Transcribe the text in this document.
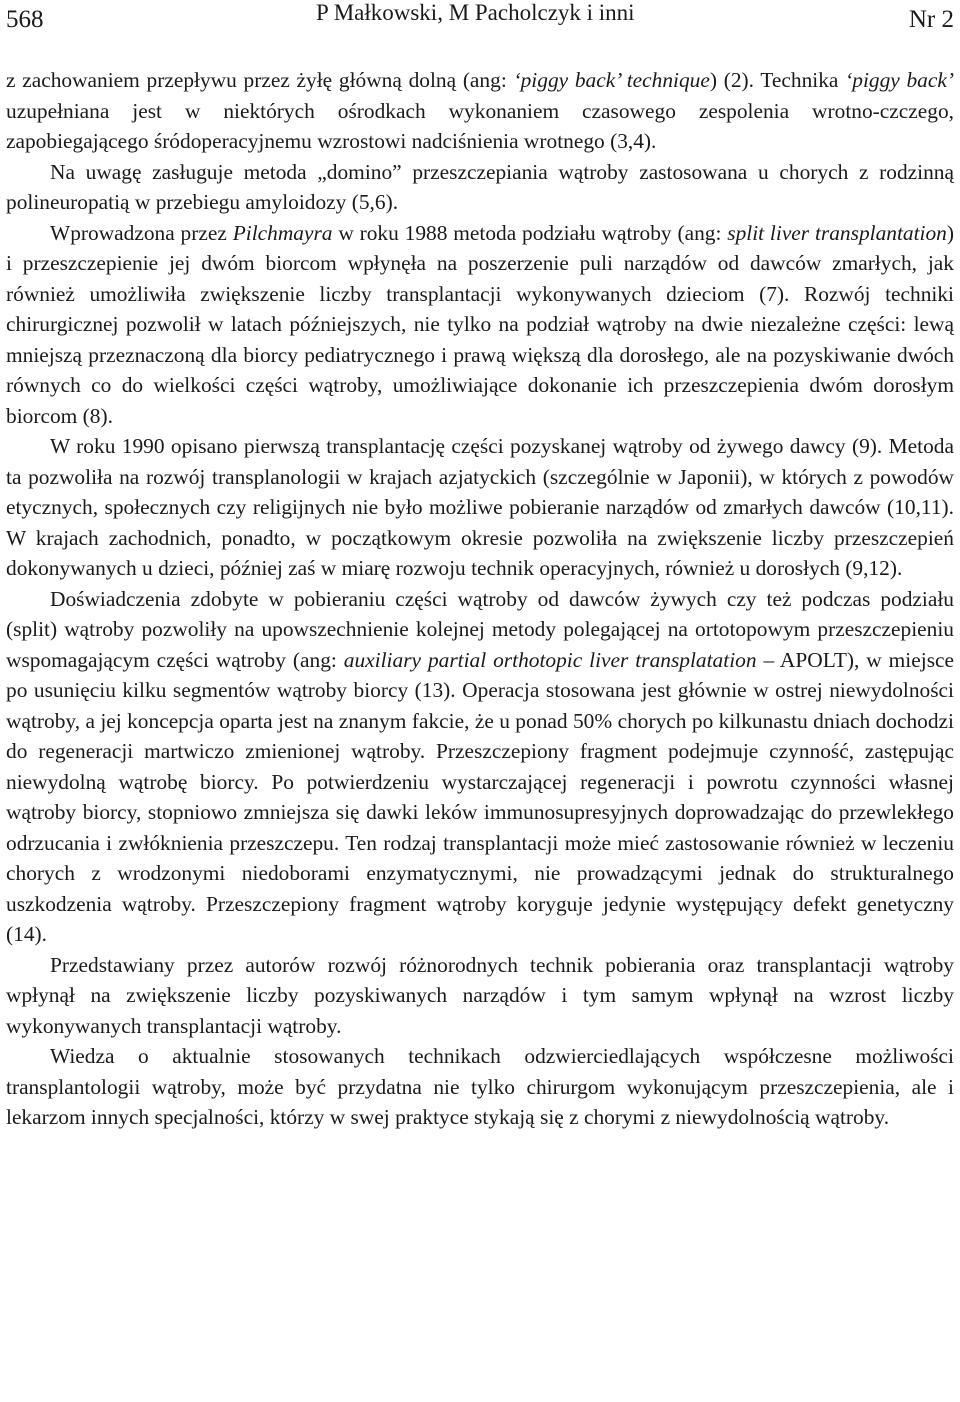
568	P Małkowski, M Pacholczyk i inni	Nr 2

z zachowaniem przepływu przez żyłę główną dolną (ang: ‘piggy back’ technique) (2). Technika ‘piggy back’ uzupełniana jest w niektórych ośrodkach wykonaniem czasowego zespolenia wrotno-czczego, zapobiegającego śródoperacyjnemu wzrostowi nadciśnienia wrotnego (3,4).

Na uwagę zasługuje metoda „domino” przeszczepiania wątroby zastosowana u chorych z rodzinną polineuropatią w przebiegu amyloidozy (5,6).

Wprowadzona przez Pilchmayra w roku 1988 metoda podziału wątroby (ang: split liver transplantation) i przeszczepienie jej dwóm biorcom wpłynęła na poszerzenie puli narządów od dawców zmarłych, jak również umożliwiła zwiększenie liczby transplantacji wykonywanych dzieciom (7). Rozwój techniki chirurgicznej pozwolił w latach późniejszych, nie tylko na podział wątroby na dwie niezależne części: lewą mniejszą przeznaczoną dla biorcy pediatrycznego i prawą większą dla dorosłego, ale na pozyskiwanie dwóch równych co do wielkości części wątroby, umożliwiające dokonanie ich przeszczepienia dwóm dorosłym biorcom (8).

W roku 1990 opisano pierwszą transplantację części pozyskanej wątroby od żywego dawcy (9). Metoda ta pozwoliła na rozwój transplanologii w krajach azjatyckich (szczególnie w Japonii), w których z powodów etycznych, społecznych czy religijnych nie było możliwe pobieranie narządów od zmarłych dawców (10,11). W krajach zachodnich, ponadto, w początkowym okresie pozwoliła na zwiększenie liczby przeszczepień dokonywanych u dzieci, później zaś w miarę rozwoju technik operacyjnych, również u dorosłych (9,12).

Doświadczenia zdobyte w pobieraniu części wątroby od dawców żywych czy też podczas podziału (split) wątroby pozwoliły na upowszechnienie kolejnej metody polegającej na ortotopowym przeszczepieniu wspomagającym części wątroby (ang: auxiliary partial orthotopic liver transplatation – APOLT), w miejsce po usunięciu kilku segmentów wątroby biorcy (13). Operacja stosowana jest głównie w ostrej niewydolności wątroby, a jej koncepcja oparta jest na znanym fakcie, że u ponad 50% chorych po kilkunastu dniach dochodzi do regeneracji martwiczo zmienionej wątroby. Przeszczepiony fragment podejmuje czynność, zastępując niewydolną wątrobę biorcy. Po potwierdzeniu wystarczającej regeneracji i powrotu czynności własnej wątroby biorcy, stopniowo zmniejsza się dawki leków immunosupresyjnych doprowadzając do przewlekłego odrzucania i zwłóknienia przeszczepu. Ten rodzaj transplantacji może mieć zastosowanie również w leczeniu chorych z wrodzonymi niedoborami enzymatycznymi, nie prowadzącymi jednak do strukturalnego uszkodzenia wątroby. Przeszczepiony fragment wątroby koryguje jedynie występujący defekt genetyczny (14).

Przedstawiany przez autorów rozwój różnorodnych technik pobierania oraz transplantacji wątroby wpłynął na zwiększenie liczby pozyskiwanych narządów i tym samym wpłynął na wzrost liczby wykonywanych transplantacji wątroby.

Wiedza o aktualnie stosowanych technikach odzwierciedlających współczesne możliwości transplantologii wątroby, może być przydatna nie tylko chirurgom wykonującym przeszczepienia, ale i lekarzom innych specjalności, którzy w swej praktyce stykają się z chorymi z niewydolnością wątroby.
